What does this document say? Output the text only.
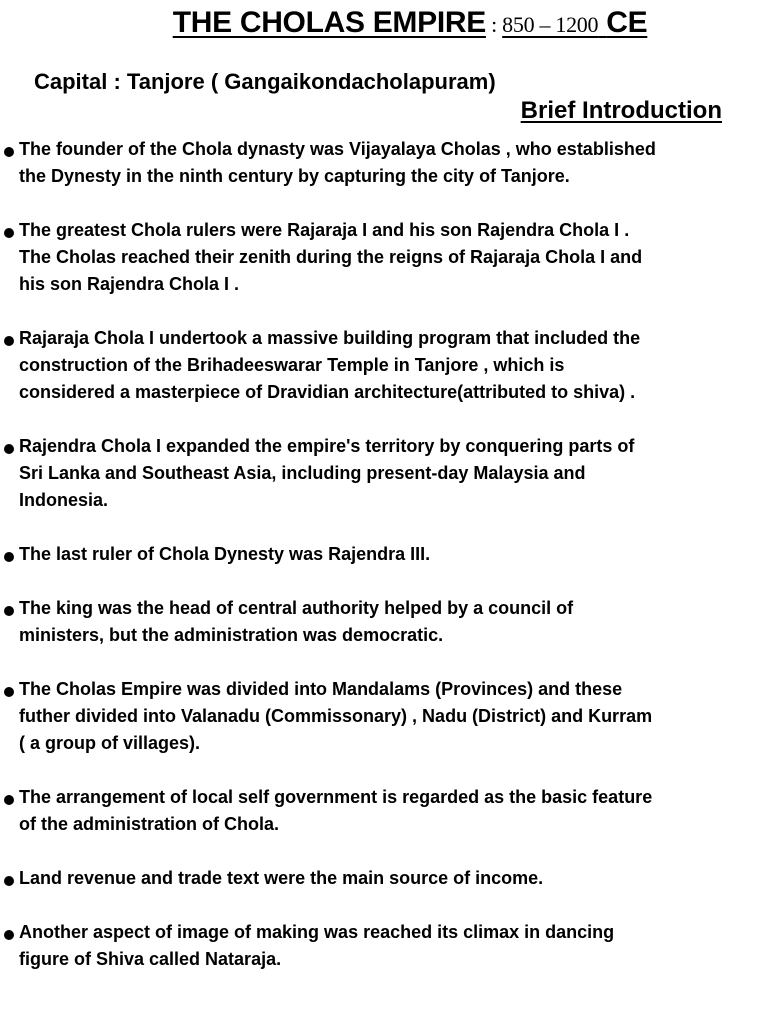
THE CHOLAS EMPIRE : 850 – 1200 CE
Capital : Tanjore ( Gangaikondacholapuram)
Brief Introduction
The founder of the Chola dynasty was Vijayalaya Cholas , who established
the Dynesty in the ninth century by capturing the city of Tanjore.
The greatest Chola rulers were Rajaraja I and his son Rajendra Chola I .
The Cholas reached their zenith during the reigns of Rajaraja Chola I and
his son Rajendra Chola I .
Rajaraja Chola I undertook a massive building program that included the
construction of the Brihadeeswarar Temple in Tanjore , which is
considered a masterpiece of Dravidian architecture(attributed to shiva) .
Rajendra Chola I expanded the empire's territory by conquering parts of
Sri Lanka and Southeast Asia, including present-day Malaysia and
Indonesia.
The last ruler of Chola Dynesty was Rajendra III.
The king was the head of central authority helped by a council of
ministers, but the administration was democratic.
The Cholas Empire was divided into Mandalams (Provinces) and these
futher divided into Valanadu (Commissonary) , Nadu (District) and Kurram
( a group of villages).
The arrangement of local self government is regarded as the basic feature
of the administration of Chola.
Land revenue and trade text were the main source of income.
Another aspect of image of making was reached its climax in dancing
figure of Shiva called Nataraja.
